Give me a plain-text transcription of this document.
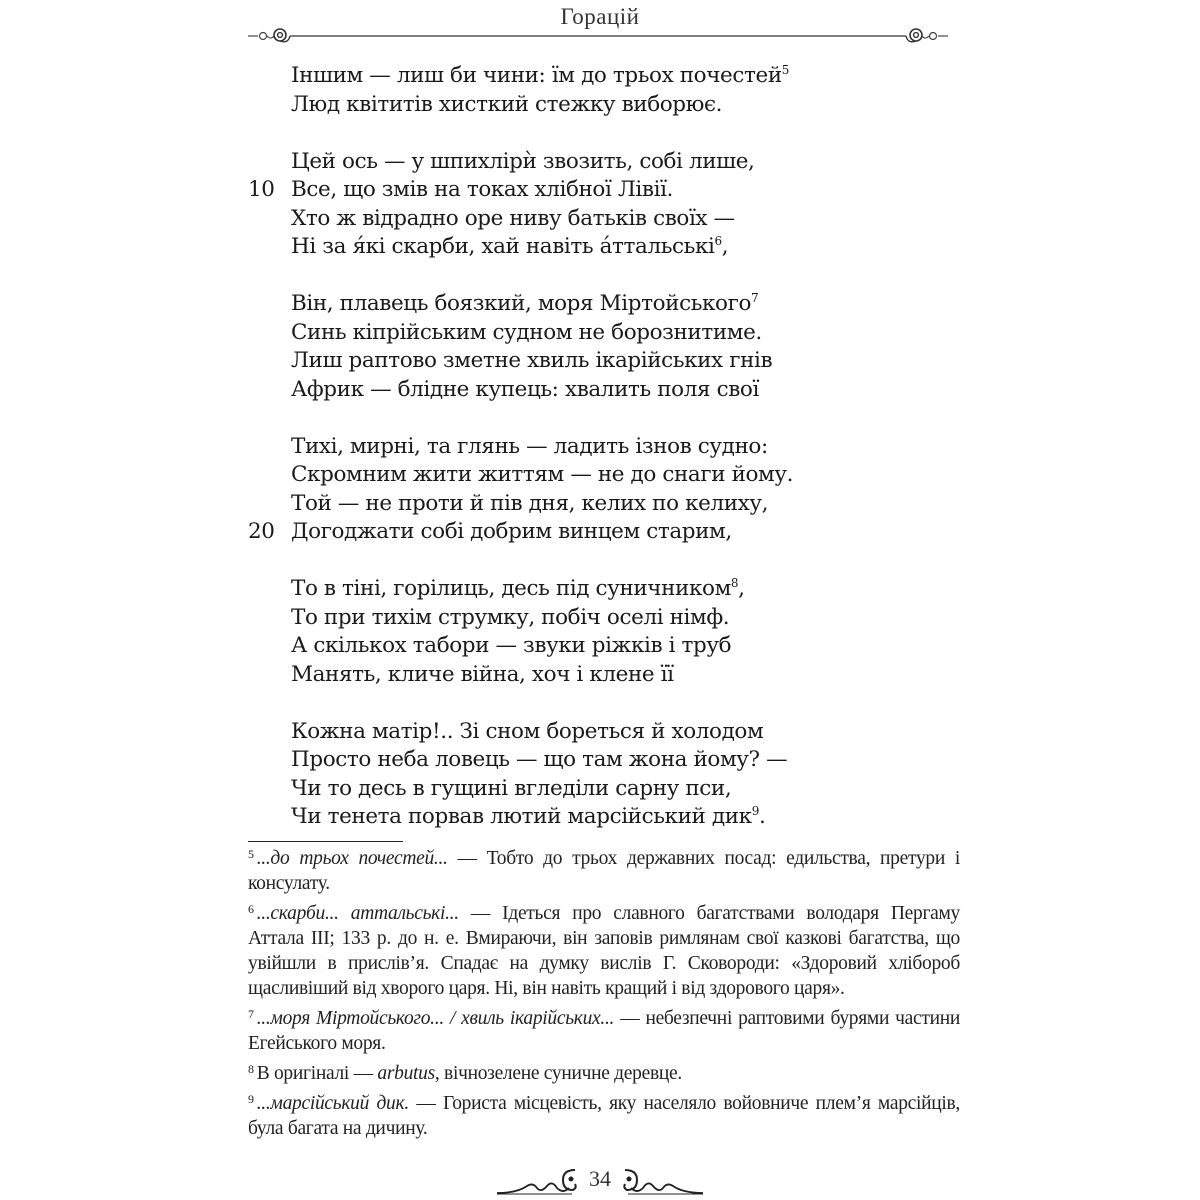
Горацій
Іншим — лиш би чини: їм до трьох почестей$^5$
Люд квітитів хисткий стежку виборює.
Цей ось — у шпихлірѝ звозить, собі лише,
Все, що змів на токах хлібної Лівії.
10
Хто ж відрадно оре ниву батьків своїх —
Ні за я́кі скарби, хай навіть а́ттальські$^6$,
Він, плавець боязкий, моря Міртойського$^7$
Синь кіпрійським судном не борознитиме.
Лиш раптово зметне хвиль ікарійських гнів
Африк — блідне купець: хвалить поля свої
Тихі, мирні, та глянь — ладить ізнов судно:
Скромним жити життям — не до снаги йому.
Той — не проти й пів дня, келих по келиху,
Догоджати собі добрим винцем старим,
20
То в тіні, горілиць, десь під суничником$^8$,
То при тихім струмку, побіч оселі німф.
А скількох табори — звуки ріжків і труб
Манять, кличе війна, хоч і клене її
Кожна матір!.. Зі сном бореться й холодом
Просто неба ловець — що там жона йому? —
Чи то десь в гущині вгледіли сарну пси,
Чи тенета порвав лютий марсійський дик$^9$.

$^5$ ...до трьох почестей... — Тобто до трьох державних посад: едильства, претури і консулату.

$^6$ ...скарби... аттальські... — Ідеться про славного багатствами володаря Пергаму Аттала ІІІ; 133 р. до н. е. Вмираючи, він заповів римлянам свої казкові багатства, що увійшли в прислів’я. Спадає на думку вислів Г. Сковороди: «Здоровий хлібороб щасливіший від хворого царя. Ні, він навіть кращий і від здорового царя».

$^7$ ...моря Міртойського... / хвиль ікарійських... — небезпечні раптовими бурями частини Егейського моря.

$^8$ В оригіналі — arbutus, вічнозелене суничне деревце.

$^9$ ...марсійський дик. — Гориста місцевість, яку населяло войовниче плем’я марсійців, була багата на дичину.

34
